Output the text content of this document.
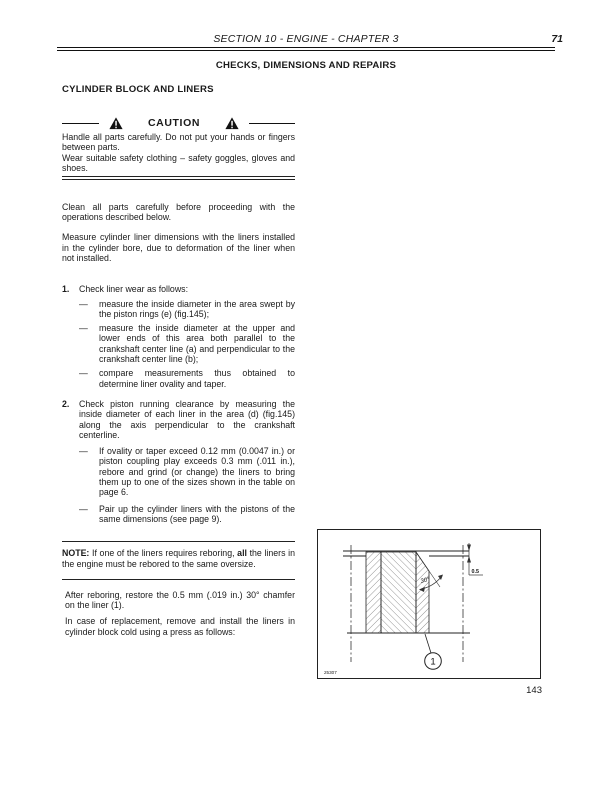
SECTION 10 - ENGINE - CHAPTER 3	71
CHECKS, DIMENSIONS AND REPAIRS
CYLINDER BLOCK AND LINERS
CAUTION

Handle all parts carefully. Do not put your hands or fingers between parts.

Wear suitable safety clothing – safety goggles, gloves and shoes.

Clean all parts carefully before proceeding with the operations described below.

Measure cylinder liner dimensions with the liners installed in the cylinder bore, due to deformation of the liner when not installed.

1.	Check liner wear as follows:
—	measure the inside diameter in the area swept by the piston rings (e) (fig.145);
—	measure the inside diameter at the upper and lower ends of this area both parallel to the crankshaft center line (a) and perpendicular to the crankshaft center line (b);
—	compare measurements thus obtained to determine liner ovality and taper.
2.	Check piston running clearance by measuring the inside diameter of each liner in the area (d) (fig.145) along the axis perpendicular to the crankshaft centerline.
—	If ovality or taper exceed 0.12 mm (0.0047 in.) or piston coupling play exceeds 0.3 mm (.011 in.), rebore and grind (or change) the liners to bring them up to one of the sizes shown in the table on page 6.
—	Pair up the cylinder liners with the pistons of the same dimensions (see page 9).

NOTE: If one of the liners requires reboring, all the liners in the engine must be rebored to the same oversize.

After reboring, restore the 0.5 mm (.019 in.) 30° chamfer on the liner (1).

In case of replacement, remove and install the liners in cylinder block cold using a press as follows:

30°
0.5
1
25307
143
